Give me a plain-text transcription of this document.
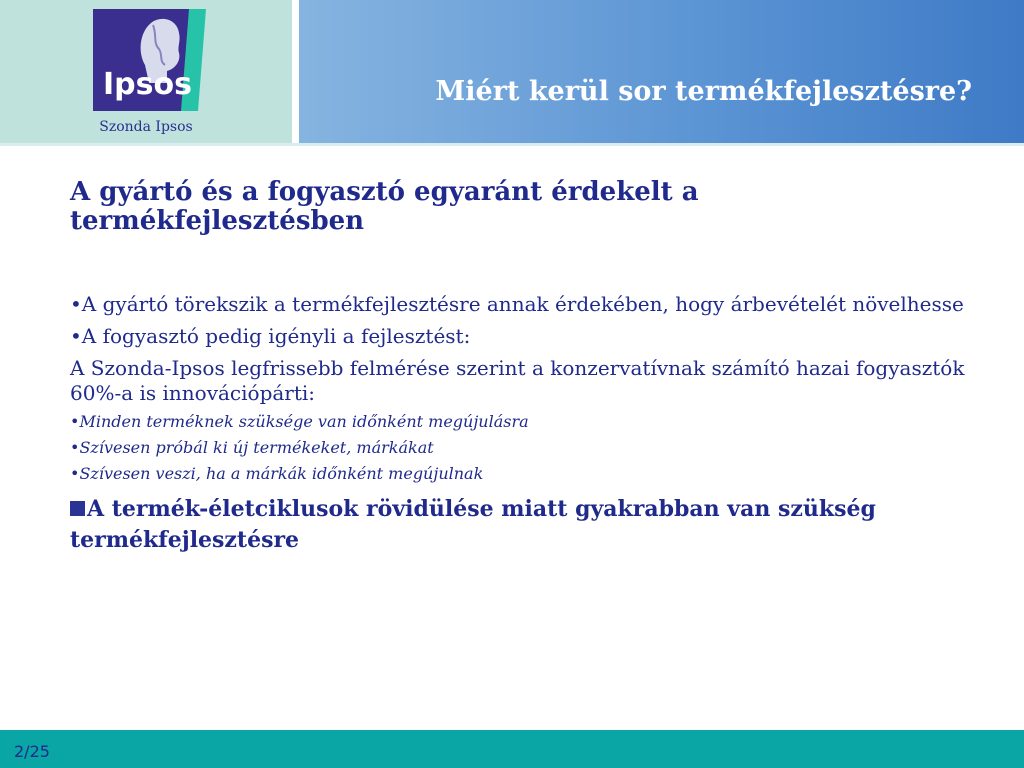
Ipsos
Szonda Ipsos
Miért kerül sor termékfejlesztésre?

A gyártó és a fogyasztó egyaránt érdekelt a termékfejlesztésben

•A gyártó törekszik a termékfejlesztésre annak érdekében, hogy árbevételét növelhesse

•A fogyasztó pedig igényli a fejlesztést:

A Szonda-Ipsos legfrissebb felmérése szerint a konzervatívnak számító hazai fogyasztók 60%-a is innovációpárti:

•Minden terméknek szüksége van időnként megújulásra

•Szívesen próbál ki új termékeket, márkákat

•Szívesen veszi, ha a márkák időnként megújulnak

A termék-életciklusok rövidülése miatt gyakrabban van szükség termékfejlesztésre

2/25
